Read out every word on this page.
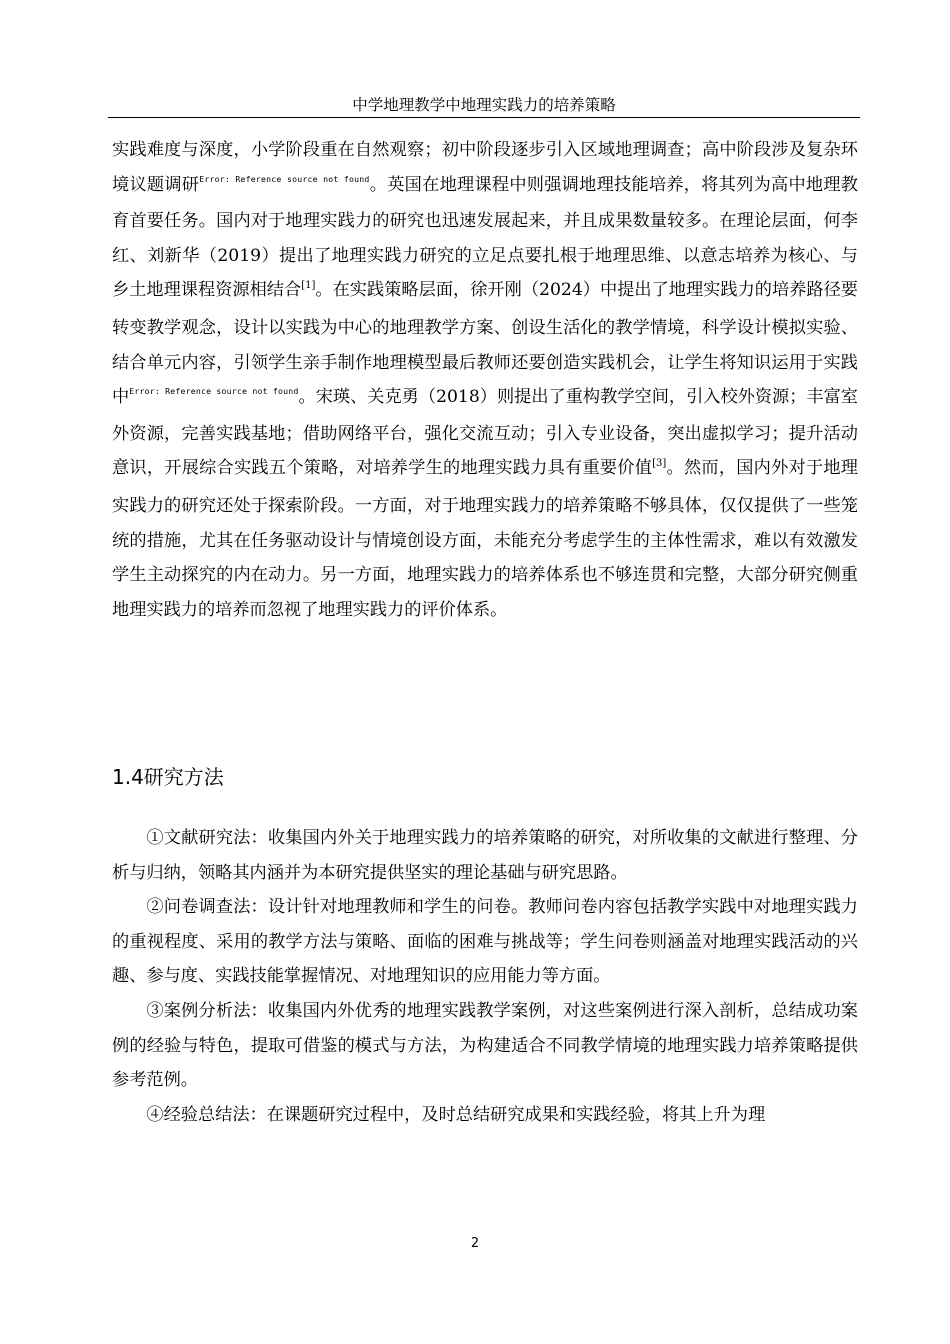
中学地理教学中地理实践力的培养策略

实践难度与深度，小学阶段重在自然观察；初中阶段逐步引入区域地理调查；高中阶段涉及复杂环境议题调研$^{Error: Reference source not found}$。英国在地理课程中则强调地理技能培养，将其列为高中地理教育首要任务。国内对于地理实践力的研究也迅速发展起来，并且成果数量较多。在理论层面，何李红、刘新华（2019）提出了地理实践力研究的立足点要扎根于地理思维、以意志培养为核心、与乡土地理课程资源相结合[1]。在实践策略层面，徐开刚（2024）中提出了地理实践力的培养路径要转变教学观念，设计以实践为中心的地理教学方案、创设生活化的教学情境，科学设计模拟实验、结合单元内容，引领学生亲手制作地理模型最后教师还要创造实践机会，让学生将知识运用于实践中$^{Error: Reference source not found}$。宋瑛、关克勇（2018）则提出了重构教学空间，引入校外资源；丰富室外资源，完善实践基地；借助网络平台，强化交流互动；引入专业设备，突出虚拟学习；提升活动意识，开展综合实践五个策略，对培养学生的地理实践力具有重要价值[3]。然而，国内外对于地理实践力的研究还处于探索阶段。一方面，对于地理实践力的培养策略不够具体，仅仅提供了一些笼统的措施，尤其在任务驱动设计与情境创设方面，未能充分考虑学生的主体性需求，难以有效激发学生主动探究的内在动力。另一方面，地理实践力的培养体系也不够连贯和完整，大部分研究侧重地理实践力的培养而忽视了地理实践力的评价体系。

1.4研究方法

①文献研究法：收集国内外关于地理实践力的培养策略的研究，对所收集的文献进行整理、分析与归纳，领略其内涵并为本研究提供坚实的理论基础与研究思路。

②问卷调查法：设计针对地理教师和学生的问卷。教师问卷内容包括教学实践中对地理实践力的重视程度、采用的教学方法与策略、面临的困难与挑战等；学生问卷则涵盖对地理实践活动的兴趣、参与度、实践技能掌握情况、对地理知识的应用能力等方面。

③案例分析法：收集国内外优秀的地理实践教学案例，对这些案例进行深入剖析，总结成功案例的经验与特色，提取可借鉴的模式与方法，为构建适合不同教学情境的地理实践力培养策略提供参考范例。

④经验总结法：在课题研究过程中，及时总结研究成果和实践经验，将其上升为理

2
